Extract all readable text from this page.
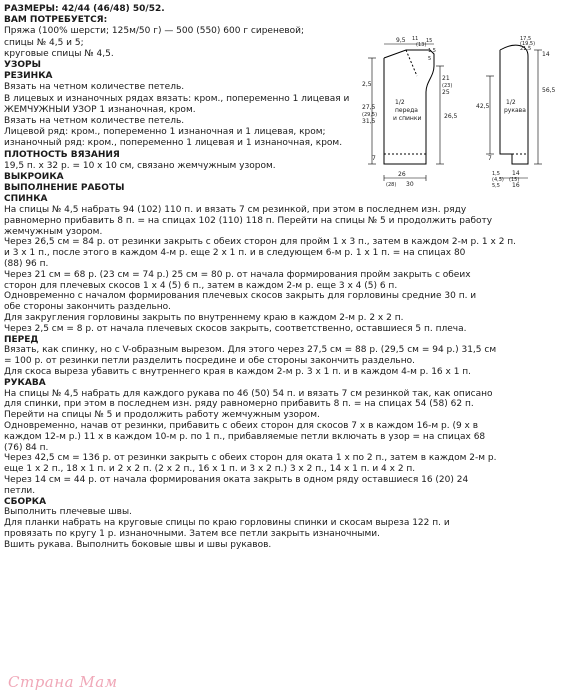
РАЗМЕРЫ: 42/44 (46/48) 50/52.
ВАМ ПОТРЕБУЕТСЯ:
Пряжа (100% шерсти; 125м/50 г) — 500 (550) 600 г сиреневой;
спицы № 4,5 и 5;
круговые спицы № 4,5.
УЗОРЫ
РЕЗИНКА
Вязать на четном количестве петель.
В лицевых и изнаночных рядах вязать: кром., попеременно 1 лицевая и
ЖЕМЧУЖНЫЙ УЗОР 1 изнаночная, кром.
Вязать на четном количестве петель.
Лицевой ряд: кром., попеременно 1 изнаночная и 1 лицевая, кром;
изнаночный ряд: кром., попеременно 1 лицевая и 1 изнаночная, кром.
ПЛОТНОСТЬ ВЯЗАНИЯ
19,5 п. х 32 р. = 10 х 10 см, связано жемчужным узором.
ВЫКРОЙКА
ВЫПОЛНЕНИЕ РАБОТЫ
СПИНКА
1/2
переда
и спинки
9,5 11
(13)
15
1,5
5
2,5
27,5
(29,5)
31,5
21
(23)
25
26,5
26
(28) 30
7
1/2
рукава
17,5
(19,5)
21,5
42,5
56,5
14
7
14
(15)
16
1,5
(4,5)
5,5
На спицы № 4,5 набрать 94 (102) 110 п. и вязать 7 см резинкой, при этом в последнем изн. ряду
равномерно прибавить 8 п. = на спицах 102 (110) 118 п. Перейти на спицы № 5 и продолжить работу
жемчужным узором.
Через 26,5 см = 84 р. от резинки закрыть с обеих сторон для пройм 1 х 3 п., затем в каждом 2-м р. 1 х 2 п.
и 3 х 1 п., после этого в каждом 4-м р. еще 2 х 1 п. и в следующем 6-м р. 1 х 1 п. = на спицах 80
(88) 96 п.
Через 21 см = 68 р. (23 см = 74 р.) 25 см = 80 р. от начала формирования пройм закрыть с обеих
сторон для плечевых скосов 1 х 4 (5) 6 п., затем в каждом 2-м р. еще 3 х 4 (5) 6 п.
Одновременно с началом формирования плечевых скосов закрыть для горловины средние 30 п. и
обе стороны закончить раздельно.
Для закругления горловины закрыть по внутреннему краю в каждом 2-м р. 2 х 2 п.
Через 2,5 см = 8 р. от начала плечевых скосов закрыть, соответственно, оставшиеся 5 п. плеча.
ПЕРЕД
Вязать, как спинку, но с V-образным вырезом. Для этого через 27,5 см = 88 р. (29,5 см = 94 р.) 31,5 см
= 100 р. от резинки петли разделить посредине и обе стороны закончить раздельно.
Для скоса выреза убавить с внутреннего края в каждом 2-м р. 3 х 1 п. и в каждом 4-м р. 16 х 1 п.
РУКАВА
На спицы № 4,5 набрать для каждого рукава по 46 (50) 54 п. и вязать 7 см резинкой так, как описано
для спинки, при этом в последнем изн. ряду равномерно прибавить 8 п. = на спицах 54 (58) 62 п.
Перейти на спицы № 5 и продолжить работу жемчужным узором.
Одновременно, начав от резинки, прибавить с обеих сторон для скосов 7 х в каждом 16-м р. (9 х в
каждом 12-м р.) 11 х в каждом 10-м р. по 1 п., прибавляемые петли включать в узор = на спицах 68
(76) 84 п.
Через 42,5 см = 136 р. от резинки закрыть с обеих сторон для оката 1 х по 2 п., затем в каждом 2-м р.
еще 1 х 2 п., 18 х 1 п. и 2 х 2 п. (2 х 2 п., 16 х 1 п. и 3 х 2 п.) 3 х 2 п., 14 х 1 п. и 4 х 2 п.
Через 14 см = 44 р. от начала формирования оката закрыть в одном ряду оставшиеся 16 (20) 24
петли.
СБОРКА
Выполнить плечевые швы.
Для планки набрать на круговые спицы по краю горловины спинки и скосам выреза 122 п. и
провязать по кругу 1 р. изнаночными. Затем все петли закрыть изнаночными.
Вшить рукава. Выполнить боковые швы и швы рукавов.
Страна Мам
